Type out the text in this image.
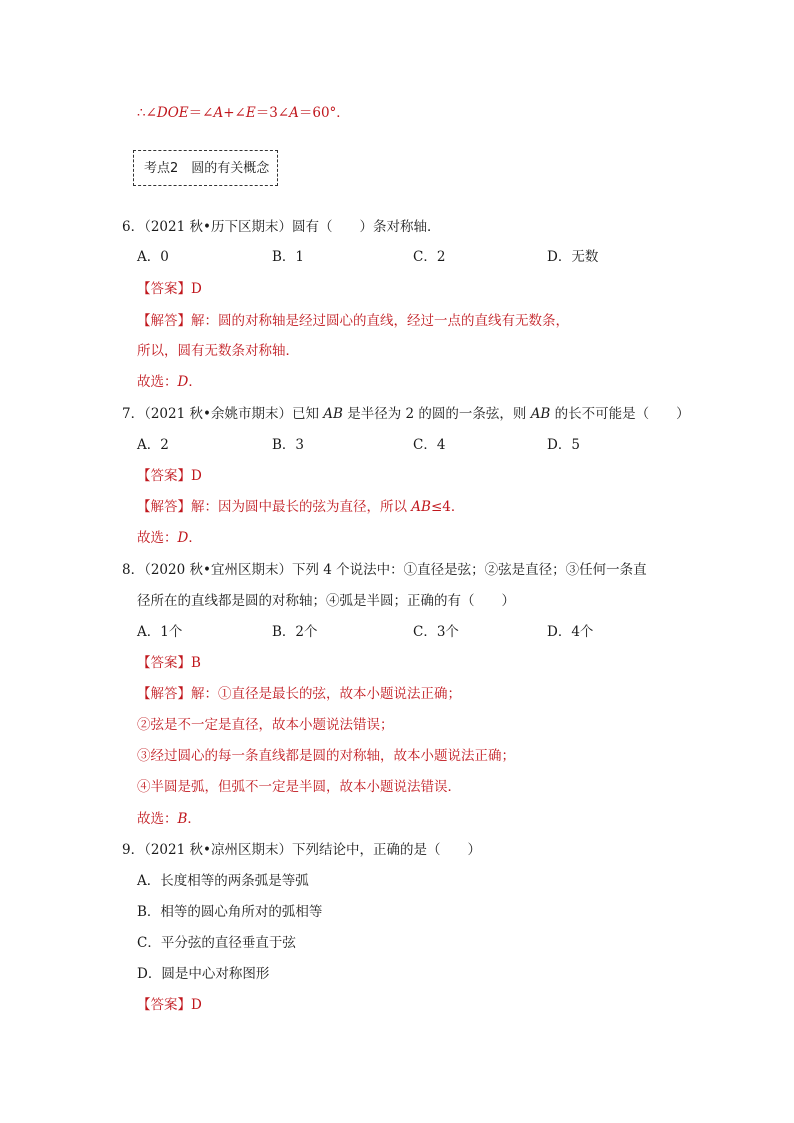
∴∠DOE＝∠A+∠E＝3∠A＝60°．
考点2　圆的有关概念
6．（2021 秋•历下区期末）圆有（　　）条对称轴．
A．0	B．1	C．2	D．无数
【答案】D
【解答】解：圆的对称轴是经过圆心的直线，经过一点的直线有无数条，
所以，圆有无数条对称轴．
故选：D．
7．（2021 秋•余姚市期末）已知 AB 是半径为 2 的圆的一条弦，则 AB 的长不可能是（　　）
A．2	B．3	C．4	D．5
【答案】D
【解答】解：因为圆中最长的弦为直径，所以 AB≤4．
故选：D．
8．（2020 秋•宜州区期末）下列 4 个说法中：①直径是弦；②弦是直径；③任何一条直
径所在的直线都是圆的对称轴；④弧是半圆；正确的有（　　）
A．1个	B．2个	C．3个	D．4个
【答案】B
【解答】解：①直径是最长的弦，故本小题说法正确；
②弦是不一定是直径，故本小题说法错误；
③经过圆心的每一条直线都是圆的对称轴，故本小题说法正确；
④半圆是弧，但弧不一定是半圆，故本小题说法错误．
故选：B．
9．（2021 秋•凉州区期末）下列结论中，正确的是（　　）
A．长度相等的两条弧是等弧
B．相等的圆心角所对的弧相等
C．平分弦的直径垂直于弦
D．圆是中心对称图形
【答案】D
